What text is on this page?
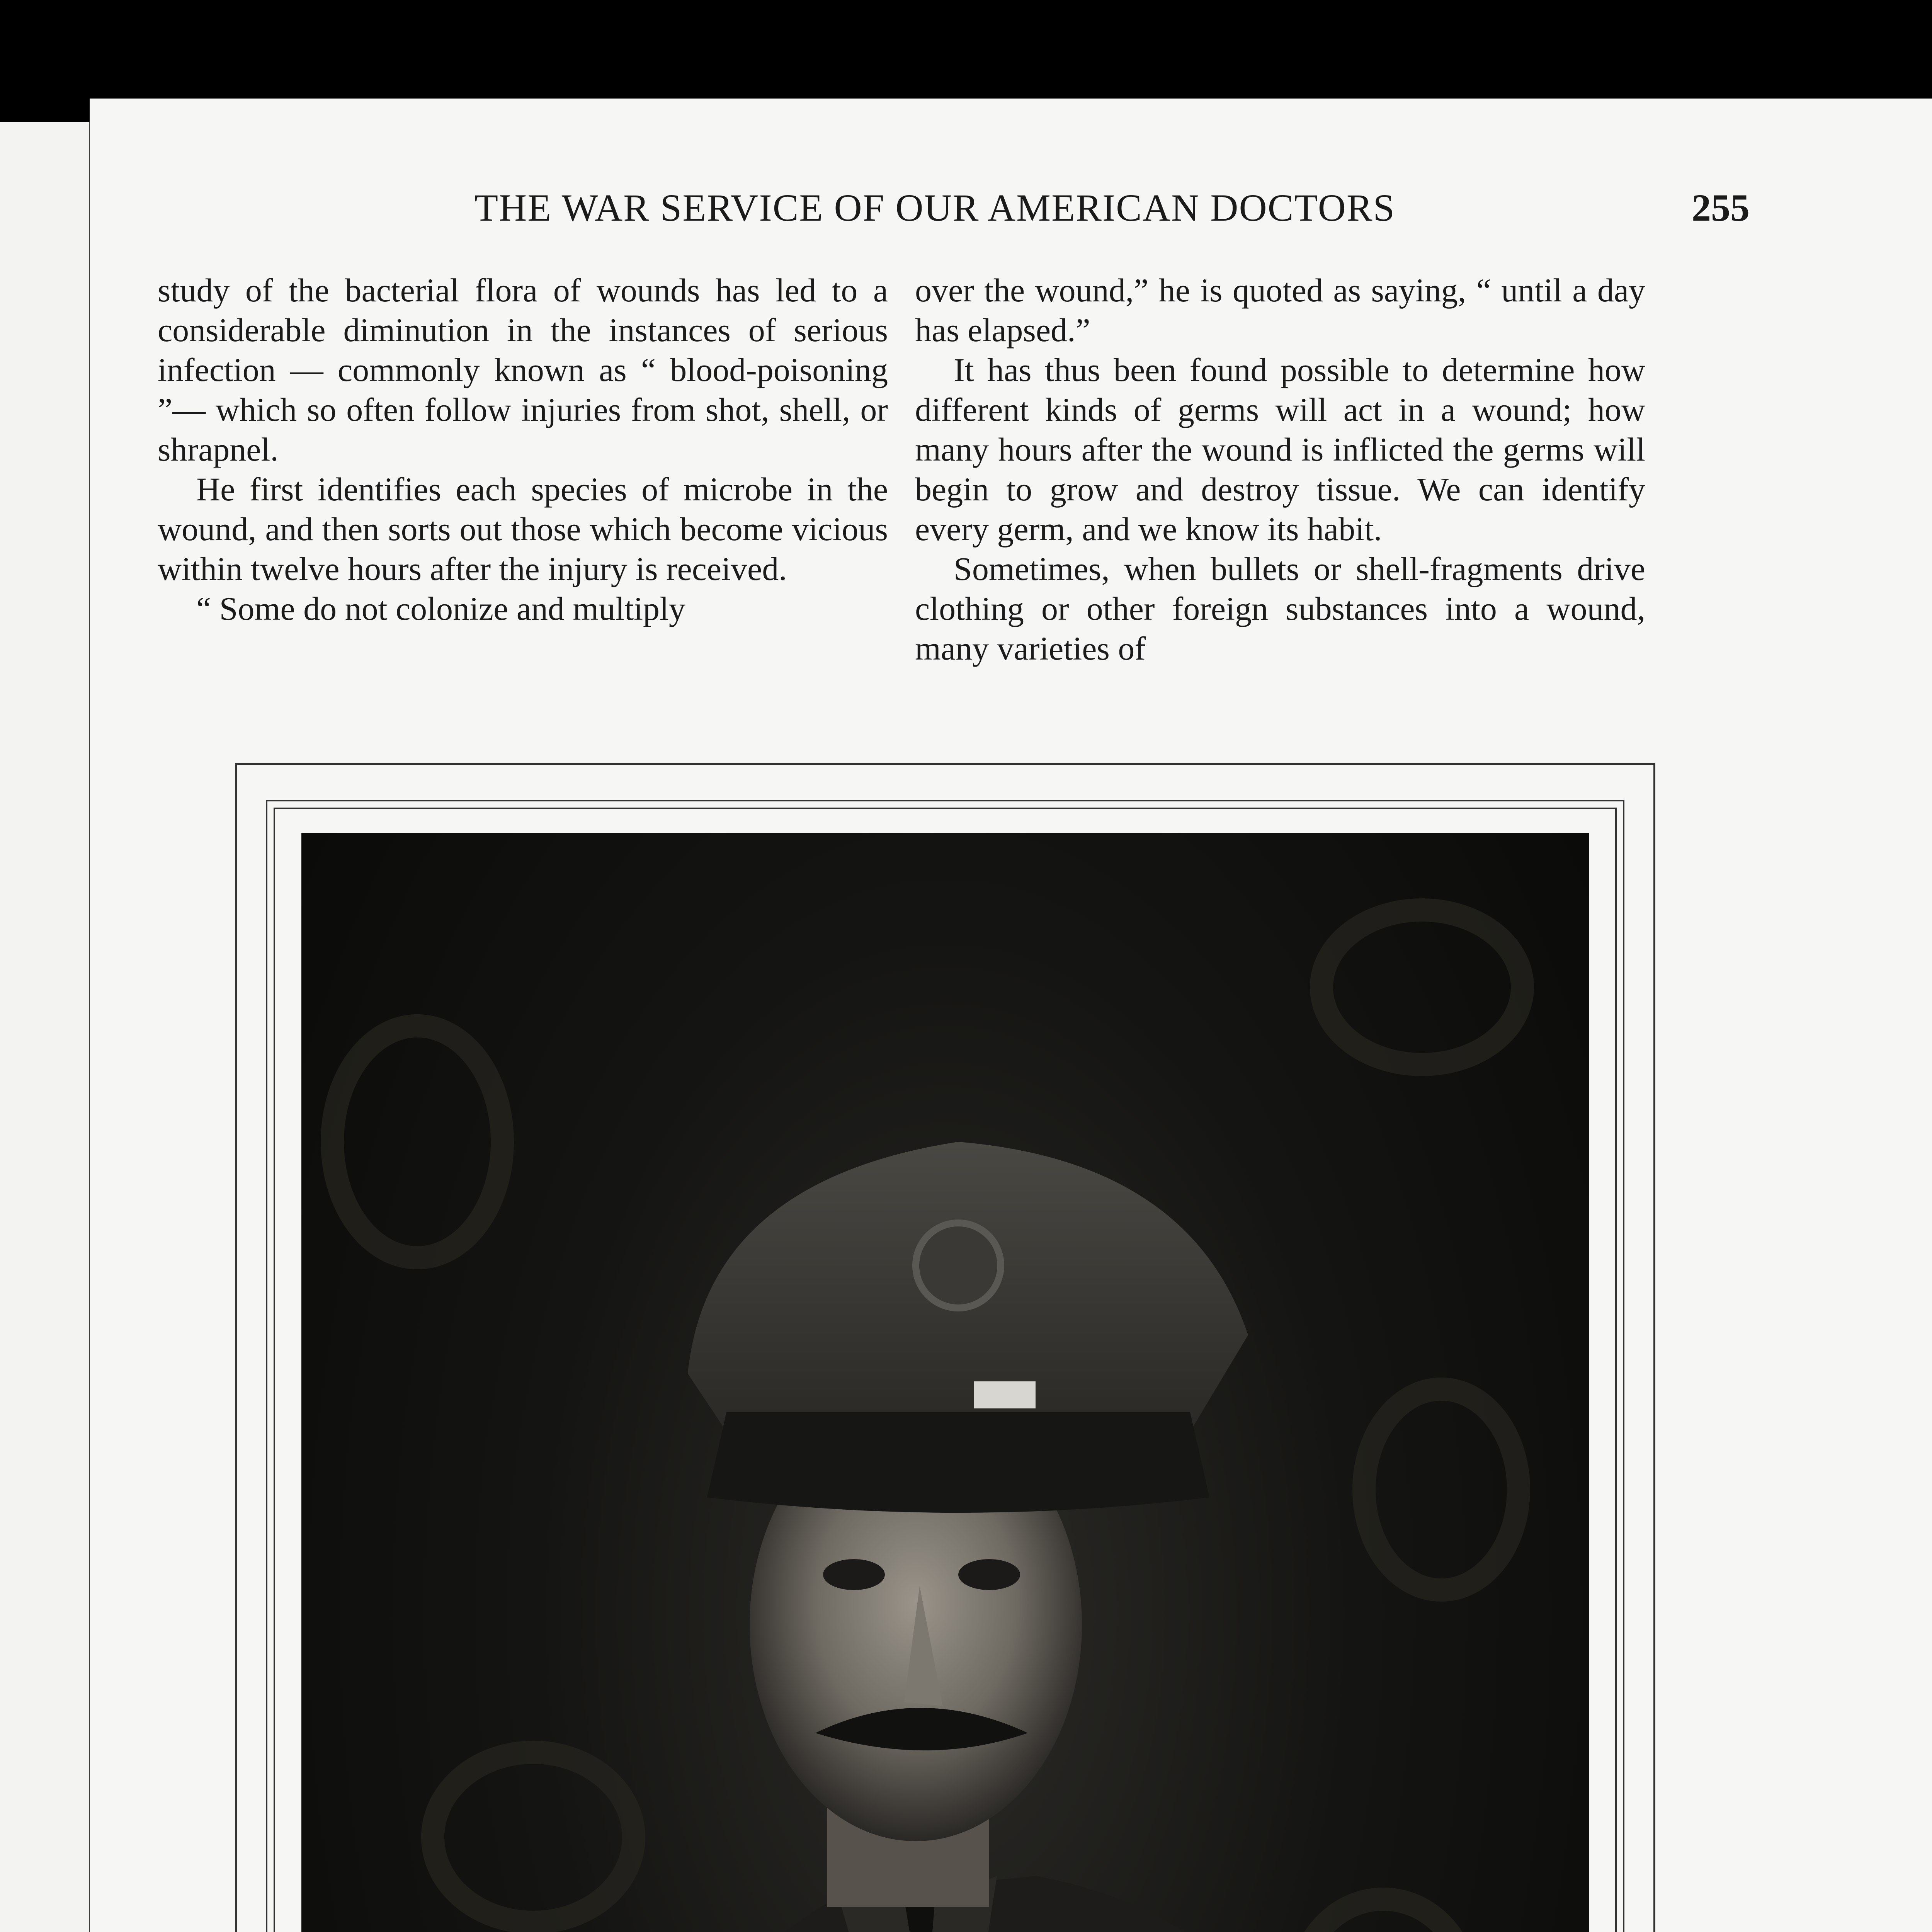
THE WAR SERVICE OF OUR AMERICAN DOCTORS	255

study of the bacterial flora of wounds has led to a considerable diminution in the instances of serious infection — commonly known as “ blood-poisoning ”— which so often follow injuries from shot, shell, or shrapnel.

He first identifies each species of microbe in the wound, and then sorts out those which become vicious within twelve hours after the injury is received.

“ Some do not colonize and multiply

over the wound,” he is quoted as saying, “ until a day has elapsed.”

It has thus been found possible to determine how different kinds of germs will act in a wound; how many hours after the wound is inflicted the germs will begin to grow and destroy tissue. We can identify every germ, and we know its habit.

Sometimes, when bullets or shell-fragments drive clothing or other foreign substances into a wound, many varieties of
